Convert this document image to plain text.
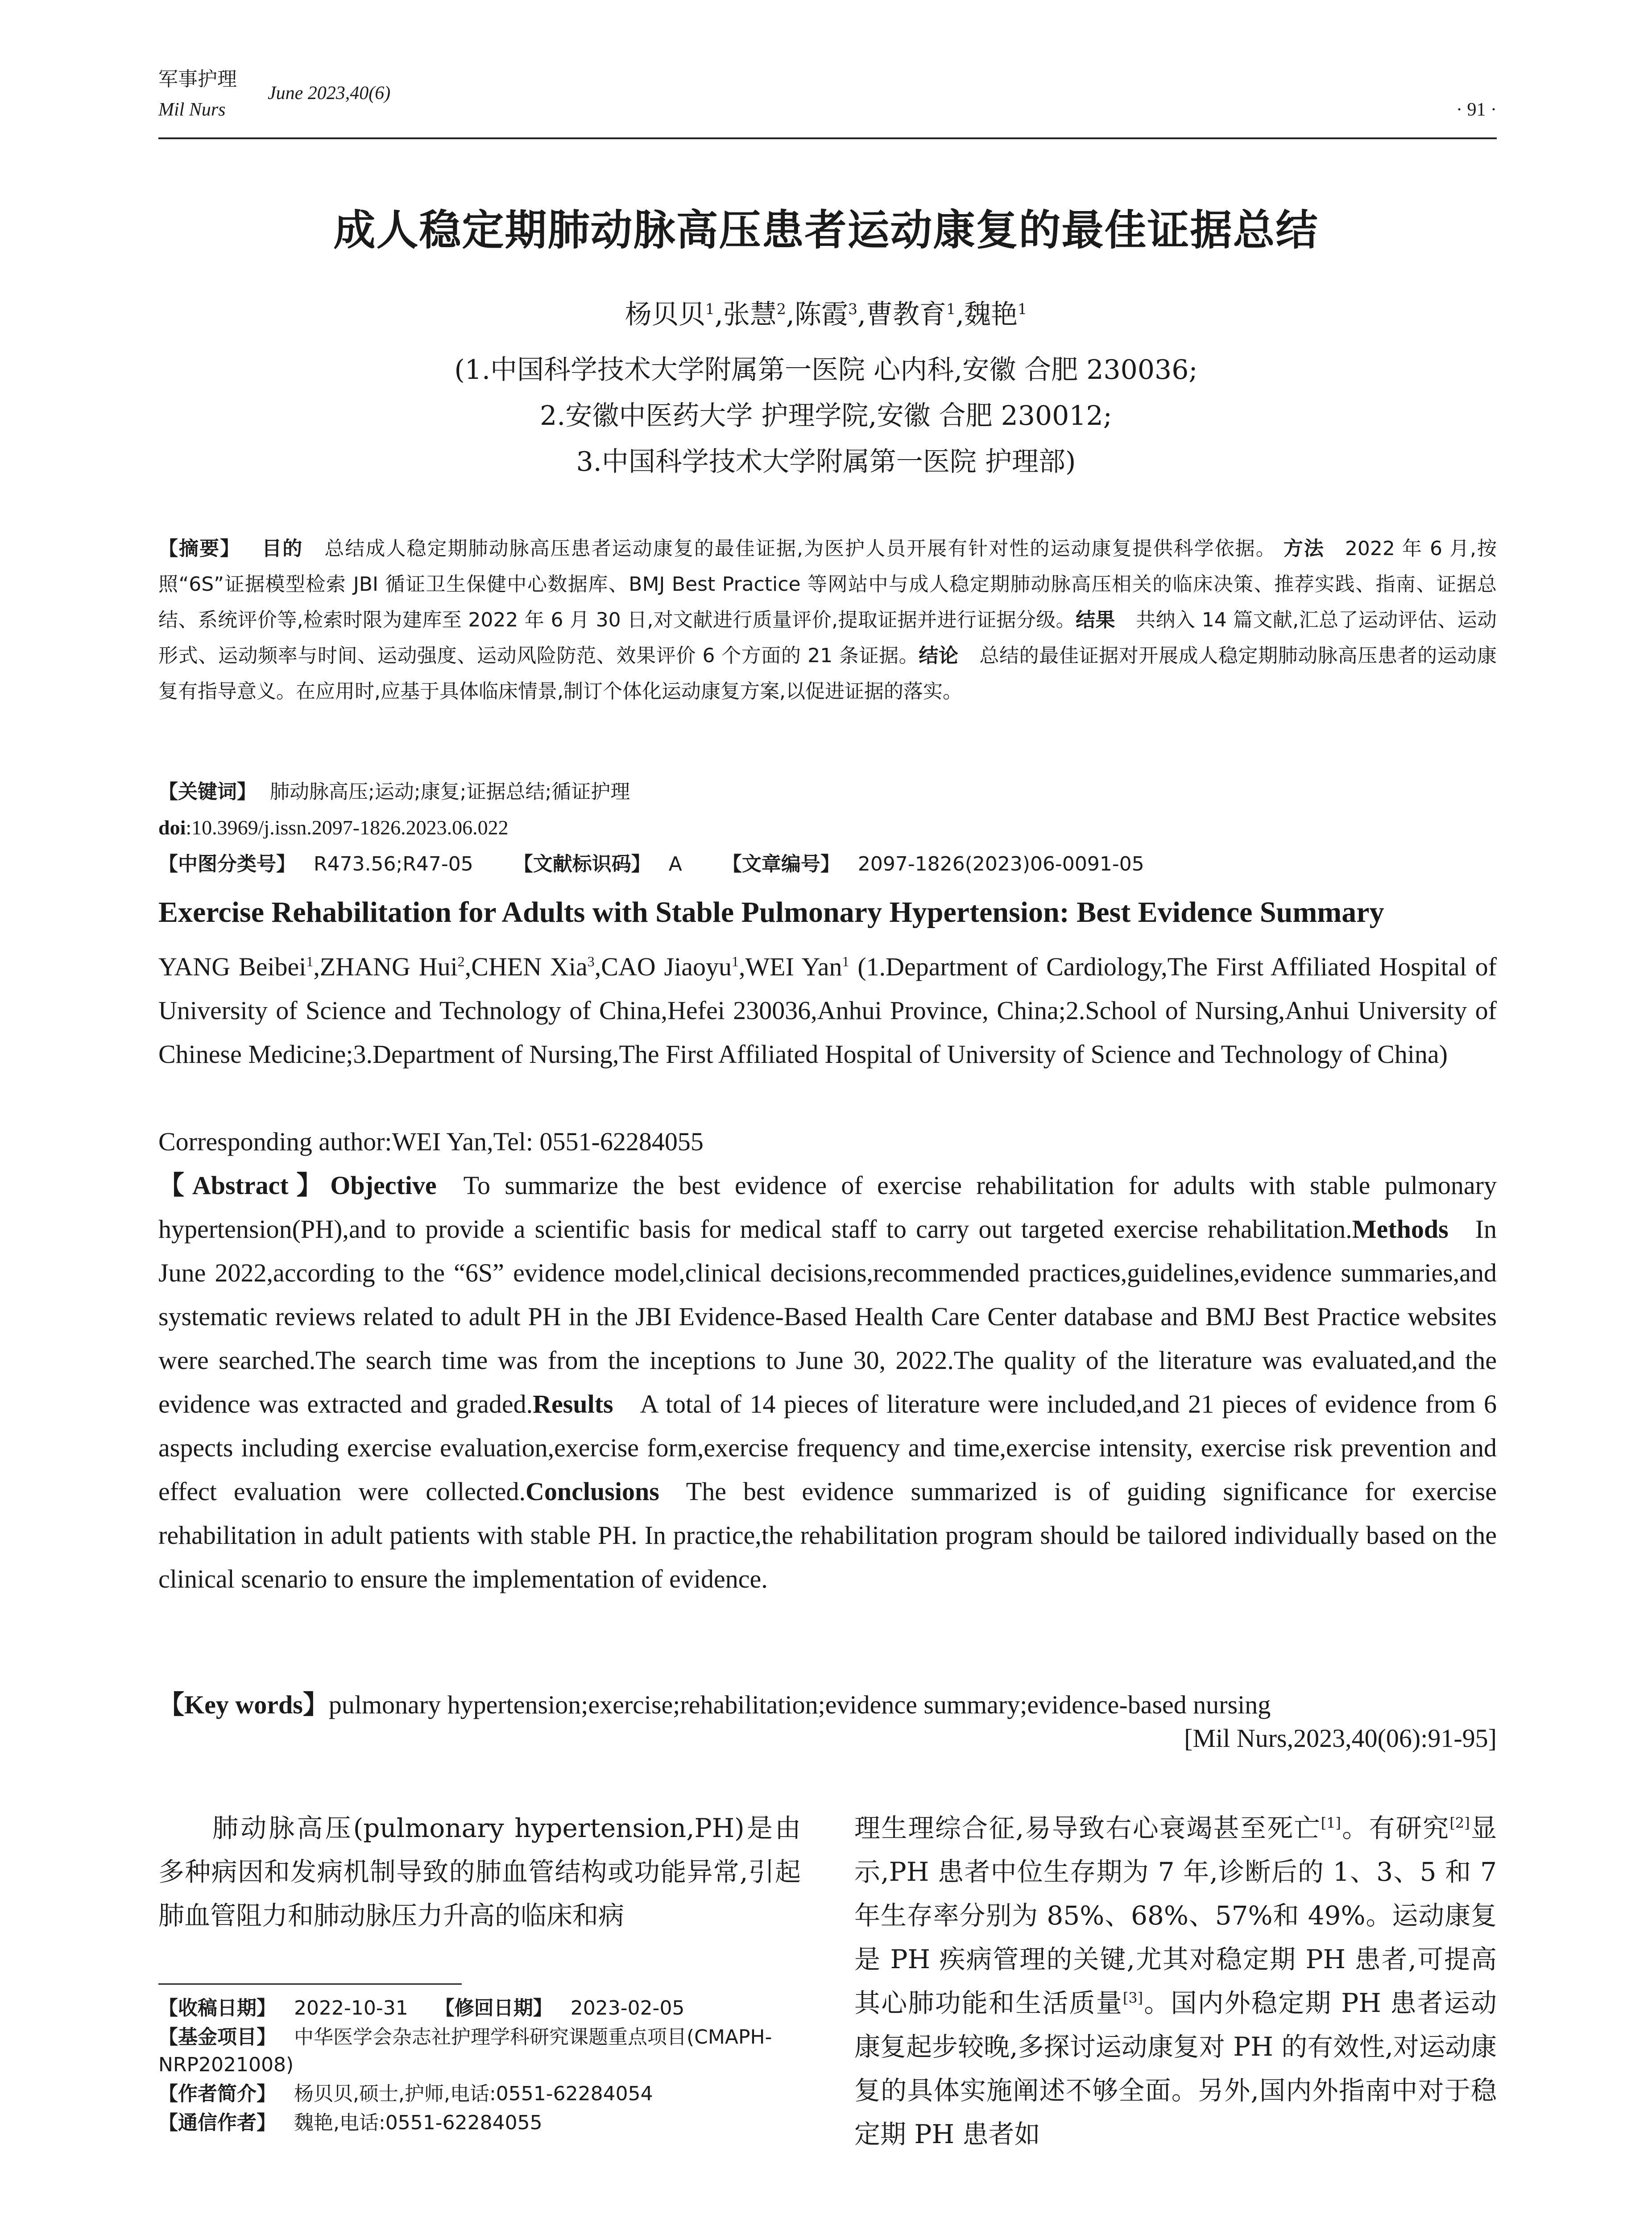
军事护理
June 2023,40(6)
Mil Nurs	· 91 ·
成人稳定期肺动脉高压患者运动康复的最佳证据总结
杨贝贝$^1$,张慧$^2$,陈霞$^3$,曹教育$^1$,魏艳$^1$
(1.中国科学技术大学附属第一医院 心内科,安徽 合肥 230036;
2.安徽中医药大学 护理学院,安徽 合肥 230012;
3.中国科学技术大学附属第一医院 护理部)
【摘要】 目的 总结成人稳定期肺动脉高压患者运动康复的最佳证据,为医护人员开展有针对性的运动康复提供科学依据。 方法 2022 年 6 月,按照“6S”证据模型检索 JBI 循证卫生保健中心数据库、BMJ Best Practice 等网站中与成人稳定期肺动脉高压相关的临床决策、推荐实践、指南、证据总结、系统评价等,检索时限为建库至 2022 年 6 月 30 日,对文献进行质量评价,提取证据并进行证据分级。结果 共纳入 14 篇文献,汇总了运动评估、运动形式、运动频率与时间、运动强度、运动风险防范、效果评价 6 个方面的 21 条证据。结论 总结的最佳证据对开展成人稳定期肺动脉高压患者的运动康复有指导意义。在应用时,应基于具体临床情景,制订个体化运动康复方案,以促进证据的落实。
【关键词】 肺动脉高压;运动;康复;证据总结;循证护理
doi:10.3969/j.issn.2097-1826.2023.06.022
【中图分类号】 R473.56;R47-05 【文献标识码】 A 【文章编号】 2097-1826(2023)06-0091-05
Exercise Rehabilitation for Adults with Stable Pulmonary Hypertension: Best Evidence Summary
YANG Beibei$^1$,ZHANG Hui$^2$,CHEN Xia$^3$,CAO Jiaoyu$^1$,WEI Yan$^1$ (1.Department of Cardiology,The First Affiliated Hospital of University of Science and Technology of China,Hefei 230036,Anhui Province, China;2.School of Nursing,Anhui University of Chinese Medicine;3.Department of Nursing,The First Affiliated Hospital of University of Science and Technology of China)
Corresponding author:WEI Yan,Tel: 0551-62284055
【Abstract】Objective To summarize the best evidence of exercise rehabilitation for adults with stable pulmonary hypertension(PH),and to provide a scientific basis for medical staff to carry out targeted exercise rehabilitation.Methods In June 2022,according to the “6S” evidence model,clinical decisions,recommended practices,guidelines,evidence summaries,and systematic reviews related to adult PH in the JBI Evidence-Based Health Care Center database and BMJ Best Practice websites were searched.The search time was from the inceptions to June 30, 2022.The quality of the literature was evaluated,and the evidence was extracted and graded.Results A total of 14 pieces of literature were included,and 21 pieces of evidence from 6 aspects including exercise evaluation,exercise form,exercise frequency and time,exercise intensity, exercise risk prevention and effect evaluation were collected.Conclusions The best evidence summarized is of guiding significance for exercise rehabilitation in adult patients with stable PH. In practice,the rehabilitation program should be tailored individually based on the clinical scenario to ensure the implementation of evidence.
【Key words】pulmonary hypertension;exercise;rehabilitation;evidence summary;evidence-based nursing
[Mil Nurs,2023,40(06):91-95]
肺动脉高压(pulmonary hypertension,PH)是由多种病因和发病机制导致的肺血管结构或功能异常,引起肺血管阻力和肺动脉压力升高的临床和病
理生理综合征,易导致右心衰竭甚至死亡[1]。有研究[2]显示,PH 患者中位生存期为 7 年,诊断后的 1、3、5 和 7 年生存率分别为 85%、68%、57%和 49%。运动康复是 PH 疾病管理的关键,尤其对稳定期 PH 患者,可提高其心肺功能和生活质量[3]。国内外稳定期 PH 患者运动康复起步较晚,多探讨运动康复对 PH 的有效性,对运动康复的具体实施阐述不够全面。另外,国内外指南中对于稳定期 PH 患者如
【收稿日期】 2022-10-31 【修回日期】 2023-02-05
【基金项目】 中华医学会杂志社护理学科研究课题重点项目(CMAPH-NRP2021008)
【作者简介】 杨贝贝,硕士,护师,电话:0551-62284054
【通信作者】 魏艳,电话:0551-62284055
